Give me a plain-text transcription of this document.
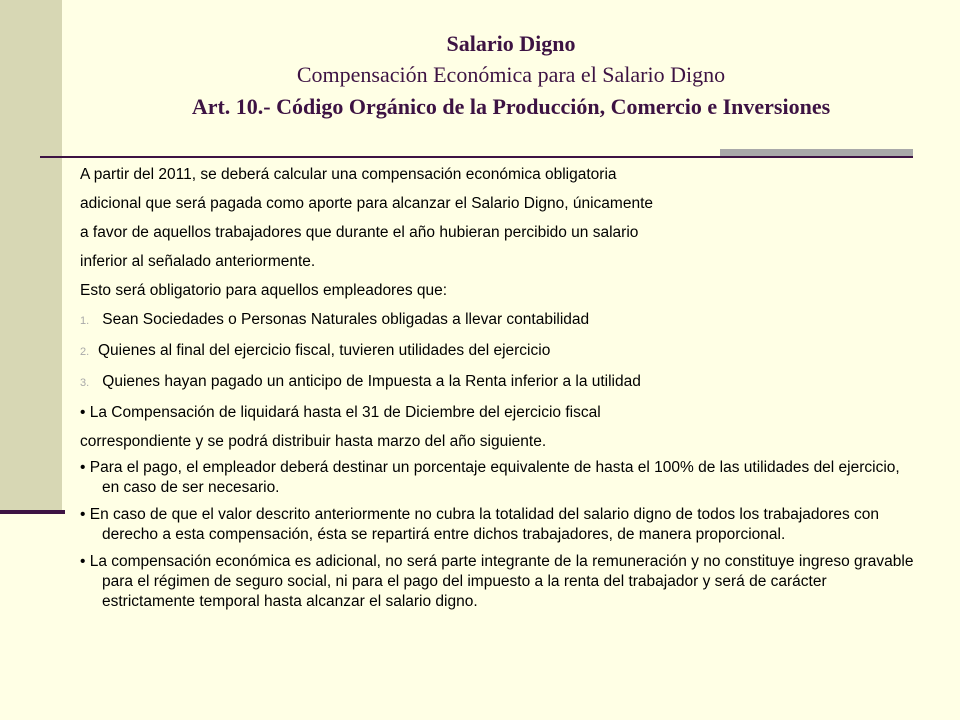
Salario Digno
Compensación Económica para el Salario Digno
Art. 10.- Código Orgánico de la Producción, Comercio e Inversiones

A partir del 2011, se deberá calcular una compensación económica obligatoria

adicional que será pagada como aporte para alcanzar el Salario Digno, únicamente

a favor de aquellos trabajadores que durante el año hubieran percibido un salario

inferior al señalado anteriormente.

Esto será obligatorio para aquellos empleadores que:

1. Sean Sociedades o Personas Naturales obligadas a llevar contabilidad

2. Quienes al final del ejercicio fiscal, tuvieren utilidades del ejercicio

3. Quienes hayan pagado un anticipo de Impuesta a la Renta inferior a la utilidad

• La Compensación de liquidará hasta el 31 de Diciembre del ejercicio fiscal

correspondiente y se podrá distribuir hasta marzo del año siguiente.

• Para el pago, el empleador deberá destinar un porcentaje equivalente de hasta el 100% de las utilidades del ejercicio, en caso de ser necesario.

• En caso de que el valor descrito anteriormente no cubra la totalidad del salario digno de todos los trabajadores con derecho a esta compensación, ésta se repartirá entre dichos trabajadores, de manera proporcional.

• La compensación económica es adicional, no será parte integrante de la remuneración y no constituye ingreso gravable para el régimen de seguro social, ni para el pago del impuesto a la renta del trabajador y será de carácter estrictamente temporal hasta alcanzar el salario digno.
